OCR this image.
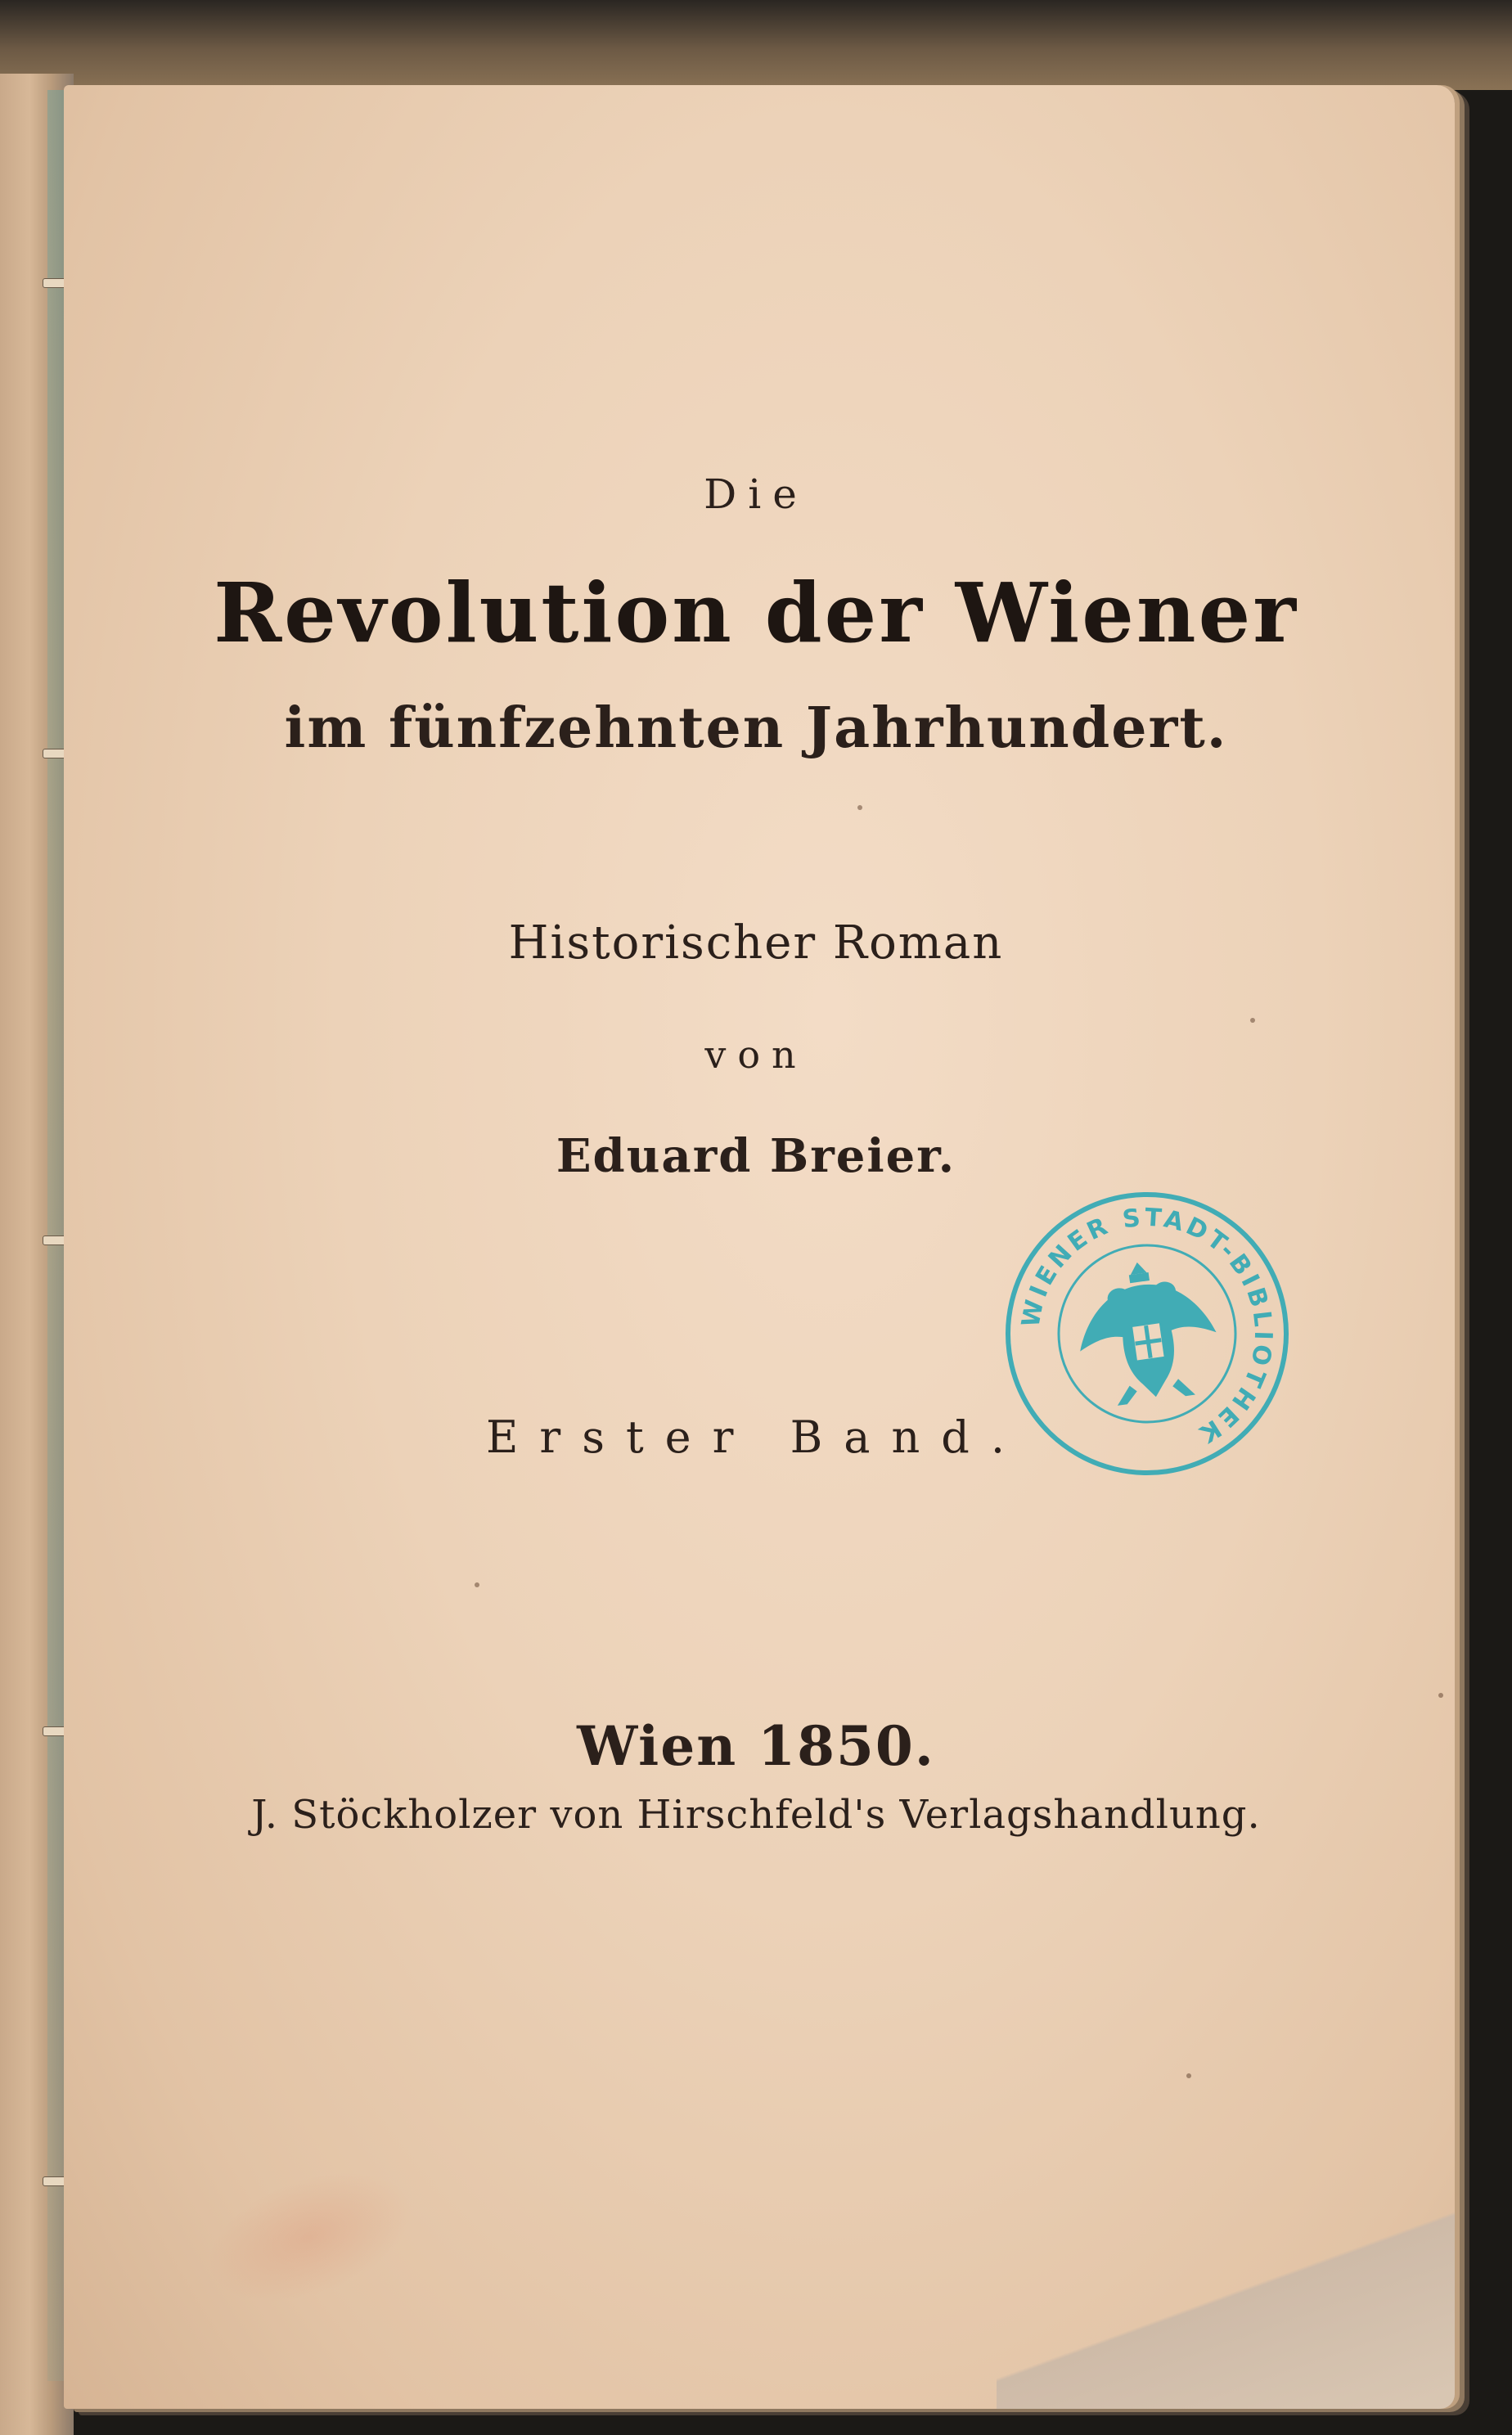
Die
Revolution der Wiener
im fünfzehnten Jahrhundert.
Historischer Roman
von
Eduard Breier.
Erster Band.
Wien 1850.
J. Stöckholzer von Hirschfeld's Verlagshandlung.
WIENER STADT-BIBLIOTHEK
